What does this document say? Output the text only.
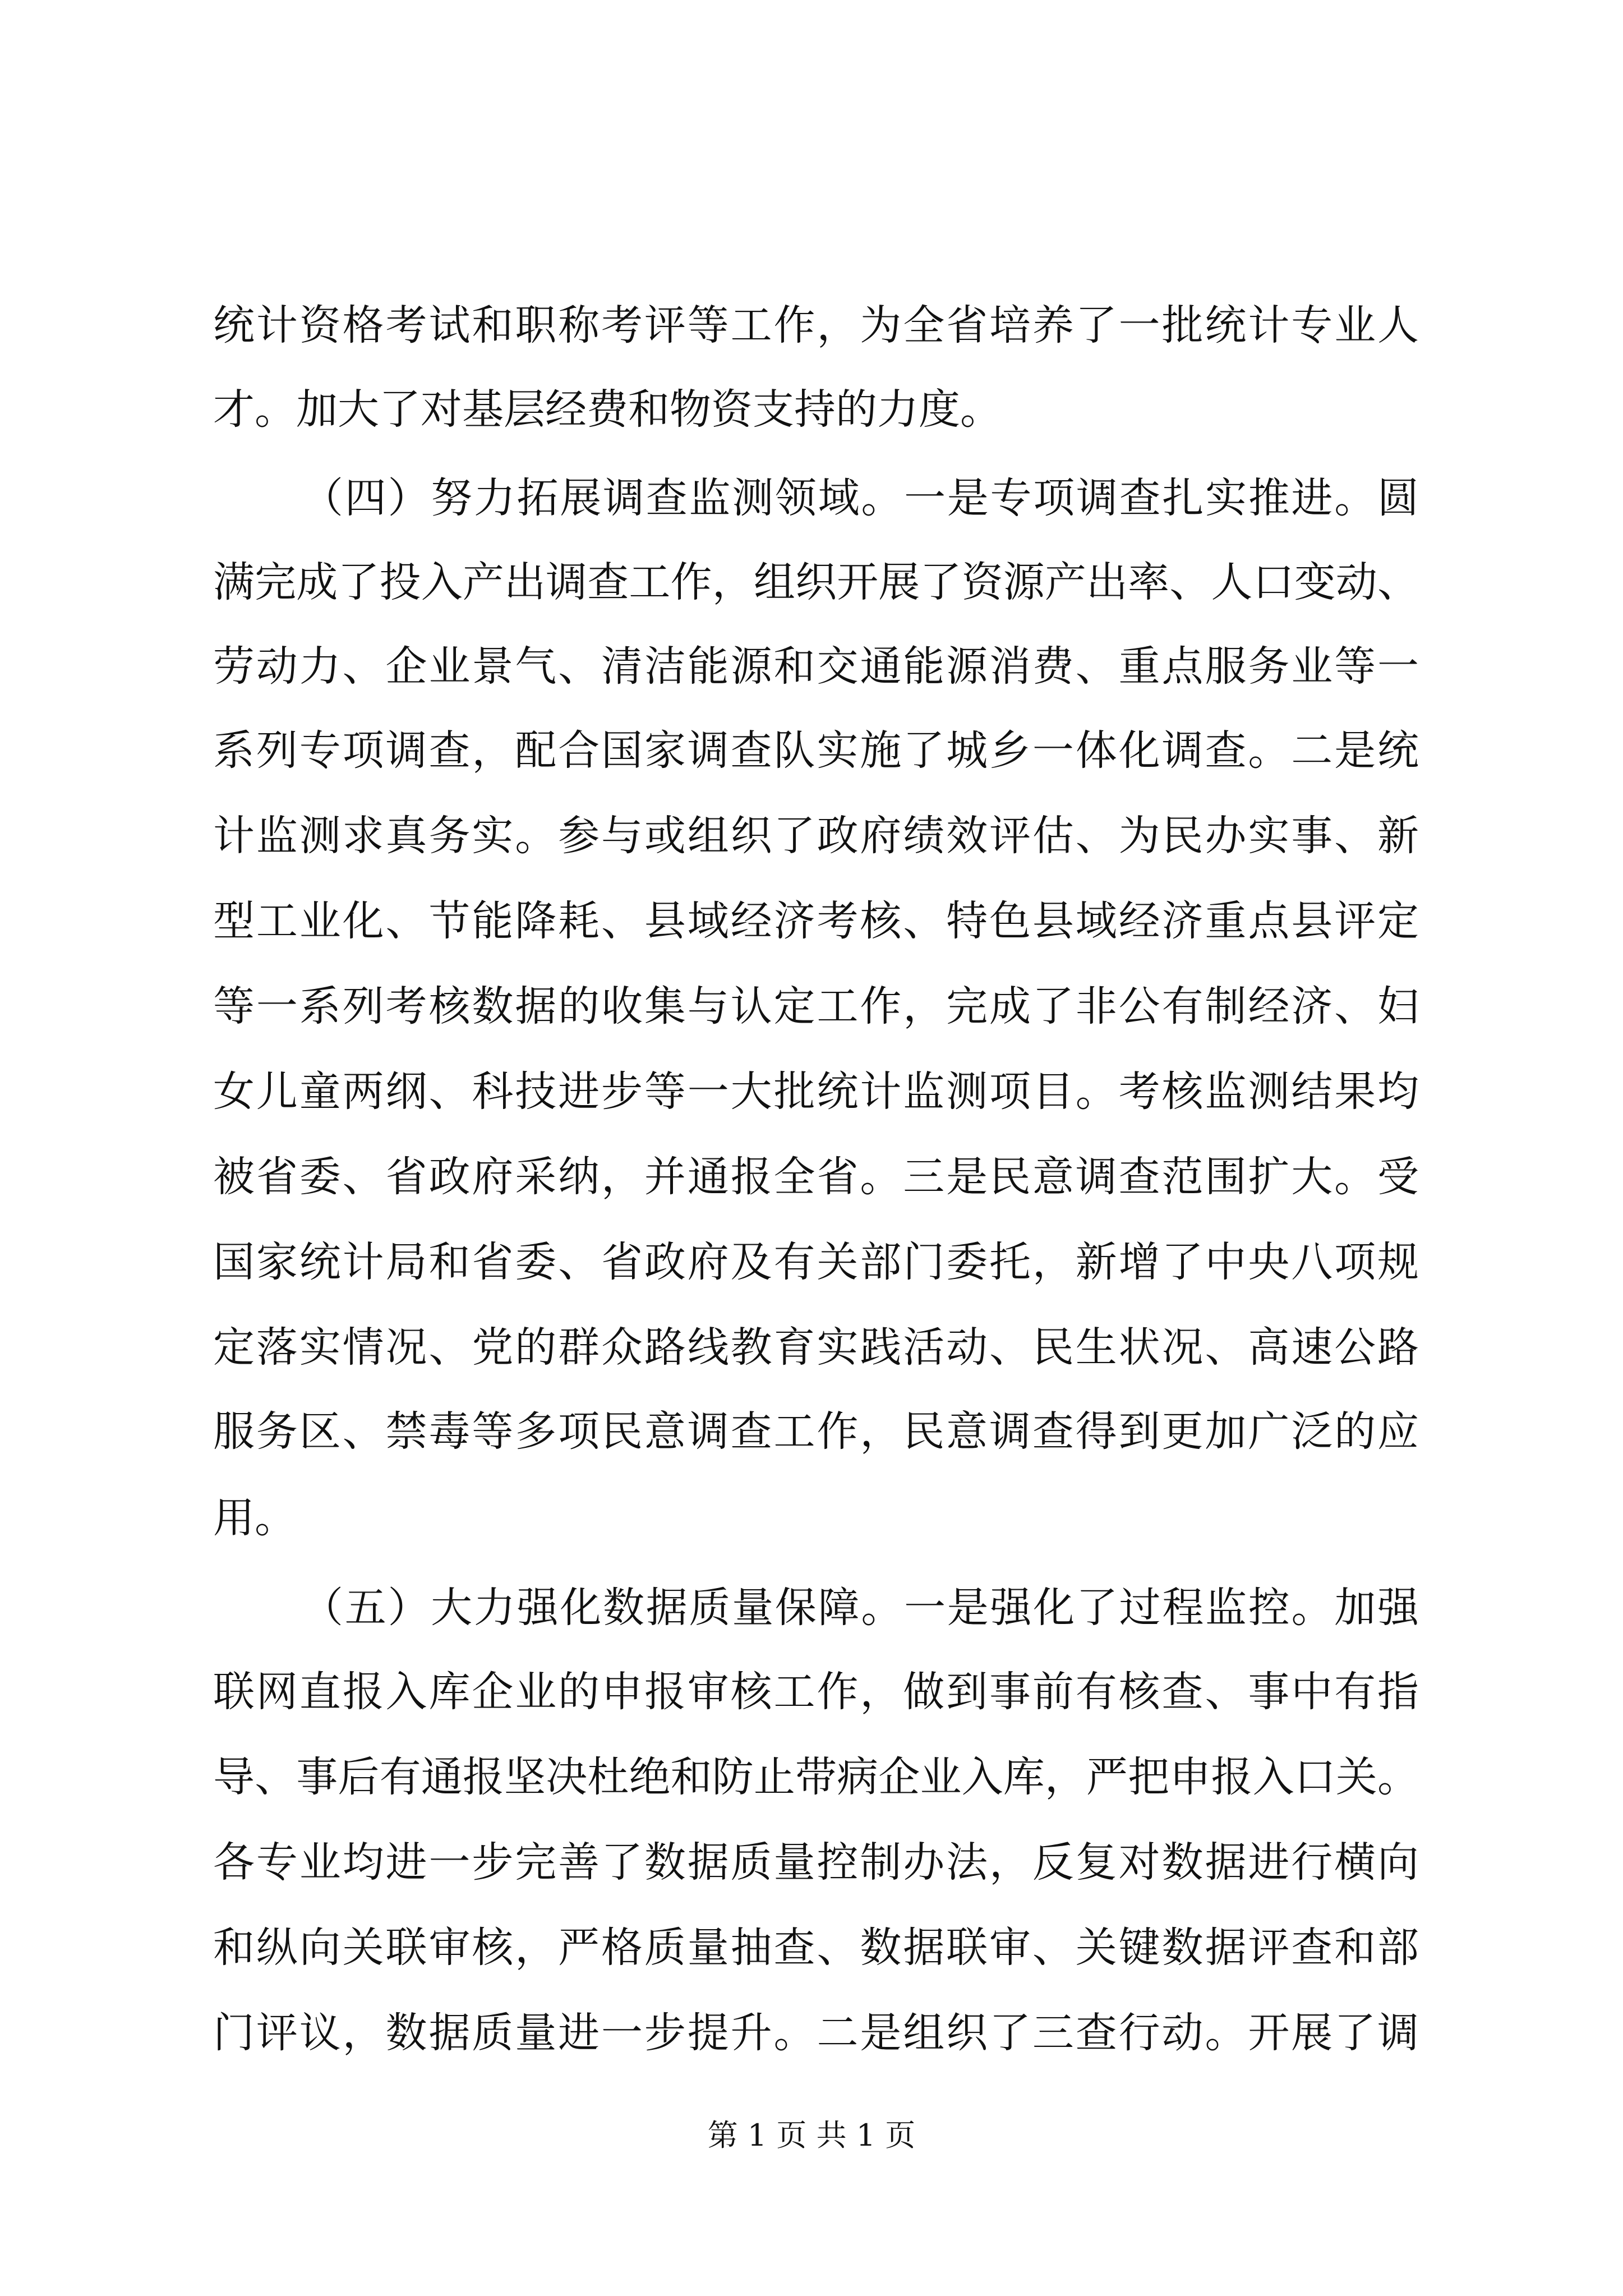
统计资格考试和职称考评等工作，为全省培养了一批统计专业人
才。加大了对基层经费和物资支持的力度。
（四）努力拓展调查监测领域。一是专项调查扎实推进。圆
满完成了投入产出调查工作，组织开展了资源产出率、人口变动、
劳动力、企业景气、清洁能源和交通能源消费、重点服务业等一
系列专项调查，配合国家调查队实施了城乡一体化调查。二是统
计监测求真务实。参与或组织了政府绩效评估、为民办实事、新
型工业化、节能降耗、县域经济考核、特色县域经济重点县评定
等一系列考核数据的收集与认定工作，完成了非公有制经济、妇
女儿童两纲、科技进步等一大批统计监测项目。考核监测结果均
被省委、省政府采纳，并通报全省。三是民意调查范围扩大。受
国家统计局和省委、省政府及有关部门委托，新增了中央八项规
定落实情况、党的群众路线教育实践活动、民生状况、高速公路
服务区、禁毒等多项民意调查工作，民意调查得到更加广泛的应
用。
（五）大力强化数据质量保障。一是强化了过程监控。加强
联网直报入库企业的申报审核工作，做到事前有核查、事中有指
导、事后有通报坚决杜绝和防止带病企业入库，严把申报入口关。
各专业均进一步完善了数据质量控制办法，反复对数据进行横向
和纵向关联审核，严格质量抽查、数据联审、关键数据评查和部
门评议，数据质量进一步提升。二是组织了三查行动。开展了调
第 1 页 共 1 页
